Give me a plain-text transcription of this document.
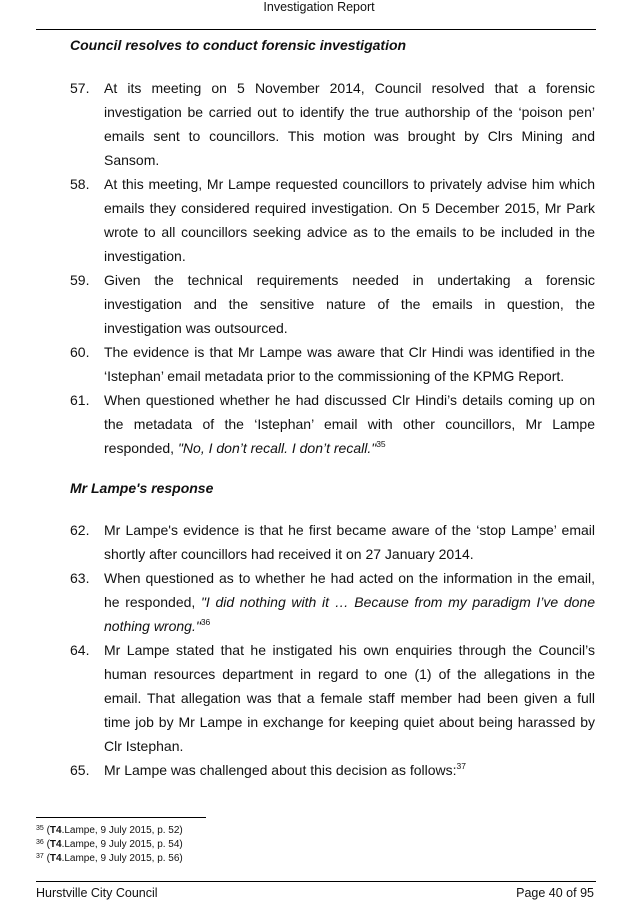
Investigation Report
Council resolves to conduct forensic investigation
57. At its meeting on 5 November 2014, Council resolved that a forensic investigation be carried out to identify the true authorship of the ‘poison pen’ emails sent to councillors. This motion was brought by Clrs Mining and Sansom.
58. At this meeting, Mr Lampe requested councillors to privately advise him which emails they considered required investigation. On 5 December 2015, Mr Park wrote to all councillors seeking advice as to the emails to be included in the investigation.
59. Given the technical requirements needed in undertaking a forensic investigation and the sensitive nature of the emails in question, the investigation was outsourced.
60. The evidence is that Mr Lampe was aware that Clr Hindi was identified in the ‘Istephan’ email metadata prior to the commissioning of the KPMG Report.
61. When questioned whether he had discussed Clr Hindi’s details coming up on the metadata of the ‘Istephan’ email with other councillors, Mr Lampe responded, "No, I don’t recall. I don’t recall."$^{35}$
Mr Lampe's response
62. Mr Lampe's evidence is that he first became aware of the ‘stop Lampe’ email shortly after councillors had received it on 27 January 2014.
63. When questioned as to whether he had acted on the information in the email, he responded, "I did nothing with it … Because from my paradigm I’ve done nothing wrong."$^{36}$
64. Mr Lampe stated that he instigated his own enquiries through the Council’s human resources department in regard to one (1) of the allegations in the email. That allegation was that a female staff member had been given a full time job by Mr Lampe in exchange for keeping quiet about being harassed by Clr Istephan.
65. Mr Lampe was challenged about this decision as follows:$^{37}$
$^{35}$ (T4.Lampe, 9 July 2015, p. 52)
$^{36}$ (T4.Lampe, 9 July 2015, p. 54)
$^{37}$ (T4.Lampe, 9 July 2015, p. 56)
Hurstville City Council	Page 40 of 95
